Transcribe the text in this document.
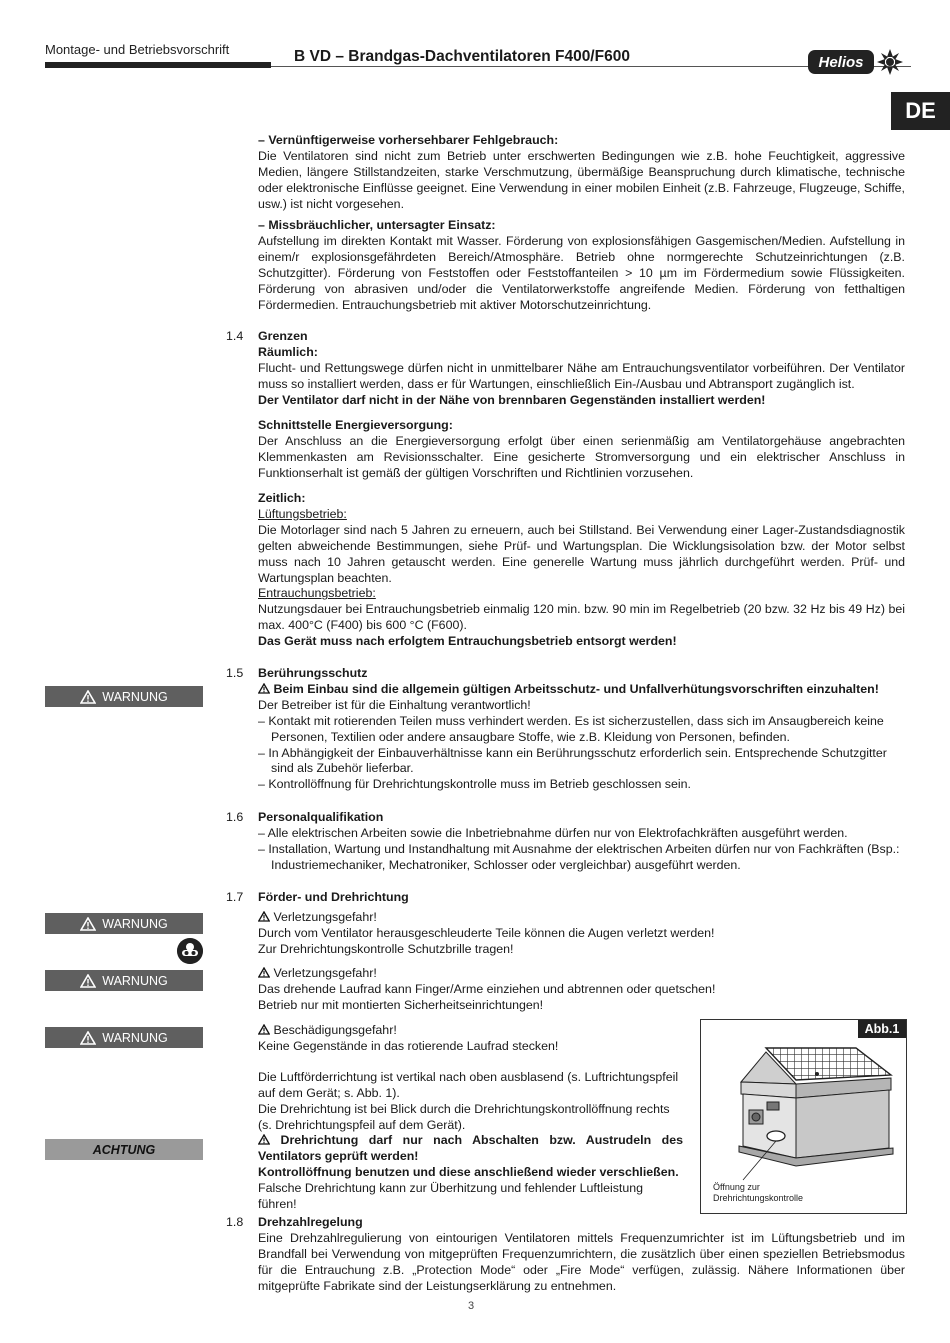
Montage- und Betriebsvorschrift	B VD – Brandgas-Dachventilatoren F400/F600	Helios
DE
– Vernünftigerweise vorhersehbarer Fehlgebrauch:
Die Ventilatoren sind nicht zum Betrieb unter erschwerten Bedingungen wie z.B. hohe Feuchtigkeit, aggressive Medien, längere Stillstandzeiten, starke Verschmutzung, übermäßige Beanspruchung durch klimatische, technische oder elektronische Einflüsse geeignet. Eine Verwendung in einer mobilen Einheit (z.B. Fahrzeuge, Flugzeuge, Schiffe, usw.) ist nicht vorgesehen.
– Missbräuchlicher, untersagter Einsatz:
Aufstellung im direkten Kontakt mit Wasser. Förderung von explosionsfähigen Gasgemischen/Medien. Aufstellung in einem/r explosionsgefährdeten Bereich/Atmosphäre. Betrieb ohne normgerechte Schutzeinrichtungen (z.B. Schutzgitter). Förderung von Feststoffen oder Feststoffanteilen > 10 µm im Fördermedium sowie Flüssigkeiten. Förderung von abrasiven und/oder die Ventilatorwerkstoffe angreifende Medien. Förderung von fetthaltigen Fördermedien. Entrauchungsbetrieb mit aktiver Motorschutzeinrichtung.
1.4 Grenzen
Räumlich:
Flucht- und Rettungswege dürfen nicht in unmittelbarer Nähe am Entrauchungsventilator vorbeiführen. Der Ventilator muss so installiert werden, dass er für Wartungen, einschließlich Ein-/Ausbau und Abtransport zugänglich ist.
Der Ventilator darf nicht in der Nähe von brennbaren Gegenständen installiert werden!
Schnittstelle Energieversorgung:
Der Anschluss an die Energieversorgung erfolgt über einen serienmäßig am Ventilatorgehäuse angebrachten Klemmenkasten am Revisionsschalter. Eine gesicherte Stromversorgung und ein elektrischer Anschluss in Funktionserhalt ist gemäß der gültigen Vorschriften und Richtlinien vorzusehen.
Zeitlich:
Lüftungsbetrieb:
Die Motorlager sind nach 5 Jahren zu erneuern, auch bei Stillstand. Bei Verwendung einer Lager-Zustandsdiagnostik gelten abweichende Bestimmungen, siehe Prüf- und Wartungsplan. Die Wicklungsisolation bzw. der Motor selbst muss nach 10 Jahren getauscht werden. Eine generelle Wartung muss jährlich durchgeführt werden. Prüf- und Wartungsplan beachten.
Entrauchungsbetrieb:
Nutzungsdauer bei Entrauchungsbetrieb einmalig 120 min. bzw. 90 min im Regelbetrieb (20 bzw. 32 Hz bis 49 Hz) bei max. 400°C (F400) bis 600 °C (F600).
Das Gerät muss nach erfolgtem Entrauchungsbetrieb entsorgt werden!
1.5
WARNUNG
Berührungsschutz
Beim Einbau sind die allgemein gültigen Arbeitsschutz- und Unfallverhütungsvorschriften einzuhalten!
Der Betreiber ist für die Einhaltung verantwortlich!
– Kontakt mit rotierenden Teilen muss verhindert werden. Es ist sicherzustellen, dass sich im Ansaugbereich keine Personen, Textilien oder andere ansaugbare Stoffe, wie z.B. Kleidung von Personen, befinden.
– In Abhängigkeit der Einbauverhältnisse kann ein Berührungsschutz erforderlich sein. Entsprechende Schutzgitter sind als Zubehör lieferbar.
– Kontrollöffnung für Drehrichtungskontrolle muss im Betrieb geschlossen sein.
1.6 Personalqualifikation
– Alle elektrischen Arbeiten sowie die Inbetriebnahme dürfen nur von Elektrofachkräften ausgeführt werden.
– Installation, Wartung und Instandhaltung mit Ausnahme der elektrischen Arbeiten dürfen nur von Fachkräften (Bsp.: Industriemechaniker, Mechatroniker, Schlosser oder vergleichbar) ausgeführt werden.
1.7 Förder- und Drehrichtung
WARNUNG
WARNUNG
WARNUNG
ACHTUNG
Verletzungsgefahr!
Durch vom Ventilator herausgeschleuderte Teile können die Augen verletzt werden!
Zur Drehrichtungskontrolle Schutzbrille tragen!
Verletzungsgefahr!
Das drehende Laufrad kann Finger/Arme einziehen und abtrennen oder quetschen!
Betrieb nur mit montierten Sicherheitseinrichtungen!
Beschädigungsgefahr!
Keine Gegenstände in das rotierende Laufrad stecken!
Die Luftförderrichtung ist vertikal nach oben ausblasend (s. Luftrichtungspfeil auf dem Gerät; s. Abb. 1).
Die Drehrichtung ist bei Blick durch die Drehrichtungskontrollöffnung rechts (s. Drehrichtungspfeil auf dem Gerät).
Drehrichtung darf nur nach Abschalten bzw. Austrudeln des Ventilators geprüft werden!
Kontrollöffnung benutzen und diese anschließend wieder verschließen.
Falsche Drehrichtung kann zur Überhitzung und fehlender Luftleistung führen!
Abb.1
Öffnung zur
Drehrichtungskontrolle
1.8 Drehzahlregelung
Eine Drehzahlregulierung von eintourigen Ventilatoren mittels Frequenzumrichter ist im Lüftungsbetrieb und im Brandfall bei Verwendung von mitgeprüften Frequenzumrichtern, die zusätzlich über einen speziellen Betriebsmodus für die Entrauchung z.B. „Protection Mode“ oder „Fire Mode“ verfügen, zulässig. Nähere Informationen über mitgeprüfte Fabrikate sind der Leistungserklärung zu entnehmen.
3
